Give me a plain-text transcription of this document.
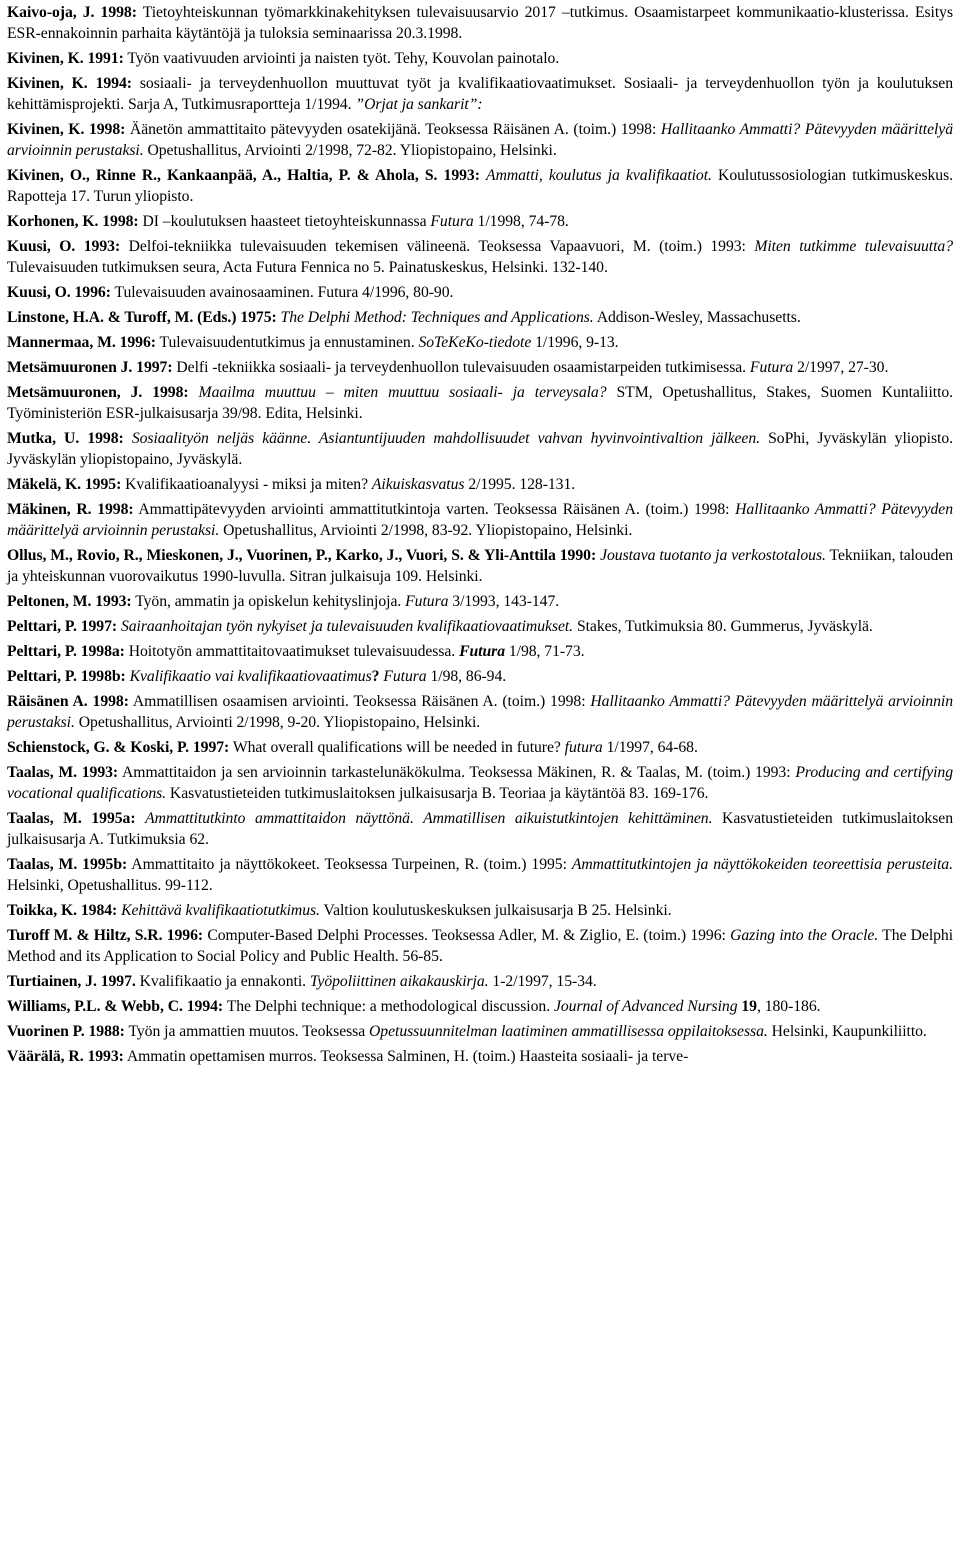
Kaivo-oja, J. 1998: Tietoyhteiskunnan työmarkkinakehityksen tulevaisuusarvio 2017 –tutkimus. Osaamistarpeet kommunikaatio-klusterissa. Esitys ESR-ennakoinnin parhaita käytäntöjä ja tuloksia seminaarissa 20.3.1998.

Kivinen, K. 1991: Työn vaativuuden arviointi ja naisten työt. Tehy, Kouvolan painotalo.

Kivinen, K. 1994: sosiaali- ja terveydenhuollon muuttuvat työt ja kvalifikaatiovaatimukset. Sosiaali- ja terveydenhuollon työn ja koulutuksen kehittämisprojekti. Sarja A, Tutkimusraportteja 1/1994. ”Orjat ja sankarit”:

Kivinen, K. 1998: Äänetön ammattitaito pätevyyden osatekijänä. Teoksessa Räisänen A. (toim.) 1998: Hallitaanko Ammatti? Pätevyyden määrittelyä arvioinnin perustaksi. Opetushallitus, Arviointi 2/1998, 72-82. Yliopistopaino, Helsinki.

Kivinen, O., Rinne R., Kankaanpää, A., Haltia, P. & Ahola, S. 1993: Ammatti, koulutus ja kvalifikaatiot. Koulutussosiologian tutkimuskeskus. Rapotteja 17. Turun yliopisto.

Korhonen, K. 1998: DI –koulutuksen haasteet tietoyhteiskunnassa Futura 1/1998, 74-78.

Kuusi, O. 1993: Delfoi-tekniikka tulevaisuuden tekemisen välineenä. Teoksessa Vapaavuori, M. (toim.) 1993: Miten tutkimme tulevaisuutta? Tulevaisuuden tutkimuksen seura, Acta Futura Fennica no 5. Painatuskeskus, Helsinki. 132-140.

Kuusi, O. 1996: Tulevaisuuden avainosaaminen. Futura 4/1996, 80-90.

Linstone, H.A. & Turoff, M. (Eds.) 1975: The Delphi Method: Techniques and Applications. Addison-Wesley, Massachusetts.

Mannermaa, M. 1996: Tulevaisuudentutkimus ja ennustaminen. SoTeKeKo-tiedote 1/1996, 9-13.

Metsämuuronen J. 1997: Delfi -tekniikka sosiaali- ja terveydenhuollon tulevaisuuden osaamistarpeiden tutkimisessa. Futura 2/1997, 27-30.

Metsämuuronen, J. 1998: Maailma muuttuu – miten muuttuu sosiaali- ja terveysala? STM, Opetushallitus, Stakes, Suomen Kuntaliitto. Työministeriön ESR-julkaisusarja 39/98. Edita, Helsinki.

Mutka, U. 1998: Sosiaalityön neljäs käänne. Asiantuntijuuden mahdollisuudet vahvan hyvinvointivaltion jälkeen. SoPhi, Jyväskylän yliopisto. Jyväskylän yliopistopaino, Jyväskylä.

Mäkelä, K. 1995: Kvalifikaatioanalyysi - miksi ja miten? Aikuiskasvatus 2/1995. 128-131.

Mäkinen, R. 1998: Ammattipätevyyden arviointi ammattitutkintoja varten. Teoksessa Räisänen A. (toim.) 1998: Hallitaanko Ammatti? Pätevyyden määrittelyä arvioinnin perustaksi. Opetushallitus, Arviointi 2/1998, 83-92. Yliopistopaino, Helsinki.

Ollus, M., Rovio, R., Mieskonen, J., Vuorinen, P., Karko, J., Vuori, S. & Yli-Anttila 1990: Joustava tuotanto ja verkostotalous. Tekniikan, talouden ja yhteiskunnan vuorovaikutus 1990-luvulla. Sitran julkaisuja 109. Helsinki.

Peltonen, M. 1993: Työn, ammatin ja opiskelun kehityslinjoja. Futura 3/1993, 143-147.

Pelttari, P. 1997: Sairaanhoitajan työn nykyiset ja tulevaisuuden kvalifikaatiovaatimukset. Stakes, Tutkimuksia 80. Gummerus, Jyväskylä.

Pelttari, P. 1998a: Hoitotyön ammattitaitovaatimukset tulevaisuudessa. Futura 1/98, 71-73.

Pelttari, P. 1998b: Kvalifikaatio vai kvalifikaatiovaatimus? Futura 1/98, 86-94.

Räisänen A. 1998: Ammatillisen osaamisen arviointi. Teoksessa Räisänen A. (toim.) 1998: Hallitaanko Ammatti? Pätevyyden määrittelyä arvioinnin perustaksi. Opetushallitus, Arviointi 2/1998, 9-20. Yliopistopaino, Helsinki.

Schienstock, G. & Koski, P. 1997: What overall qualifications will be needed in future? futura 1/1997, 64-68.

Taalas, M. 1993: Ammattitaidon ja sen arvioinnin tarkastelunäkökulma. Teoksessa Mäkinen, R. & Taalas, M. (toim.) 1993: Producing and certifying vocational qualifications. Kasvatustieteiden tutkimuslaitoksen julkaisusarja B. Teoriaa ja käytäntöä 83. 169-176.

Taalas, M. 1995a: Ammattitutkinto ammattitaidon näyttönä. Ammatillisen aikuistutkintojen kehittäminen. Kasvatustieteiden tutkimuslaitoksen julkaisusarja A. Tutkimuksia 62.

Taalas, M. 1995b: Ammattitaito ja näyttökokeet. Teoksessa Turpeinen, R. (toim.) 1995: Ammattitutkintojen ja näyttökokeiden teoreettisia perusteita. Helsinki, Opetushallitus. 99-112.

Toikka, K. 1984: Kehittävä kvalifikaatiotutkimus. Valtion koulutuskeskuksen julkaisusarja B 25. Helsinki.

Turoff M. & Hiltz, S.R. 1996: Computer-Based Delphi Processes. Teoksessa Adler, M. & Ziglio, E. (toim.) 1996: Gazing into the Oracle. The Delphi Method and its Application to Social Policy and Public Health. 56-85.

Turtiainen, J. 1997. Kvalifikaatio ja ennakonti. Työpoliittinen aikakauskirja. 1-2/1997, 15-34.

Williams, P.L. & Webb, C. 1994: The Delphi technique: a methodological discussion. Journal of Advanced Nursing 19, 180-186.

Vuorinen P. 1988: Työn ja ammattien muutos. Teoksessa Opetussuunnitelman laatiminen ammatillisessa oppilaitoksessa. Helsinki, Kaupunkiliitto.

Väärälä, R. 1993: Ammatin opettamisen murros. Teoksessa Salminen, H. (toim.) Haasteita sosiaali- ja terve-
